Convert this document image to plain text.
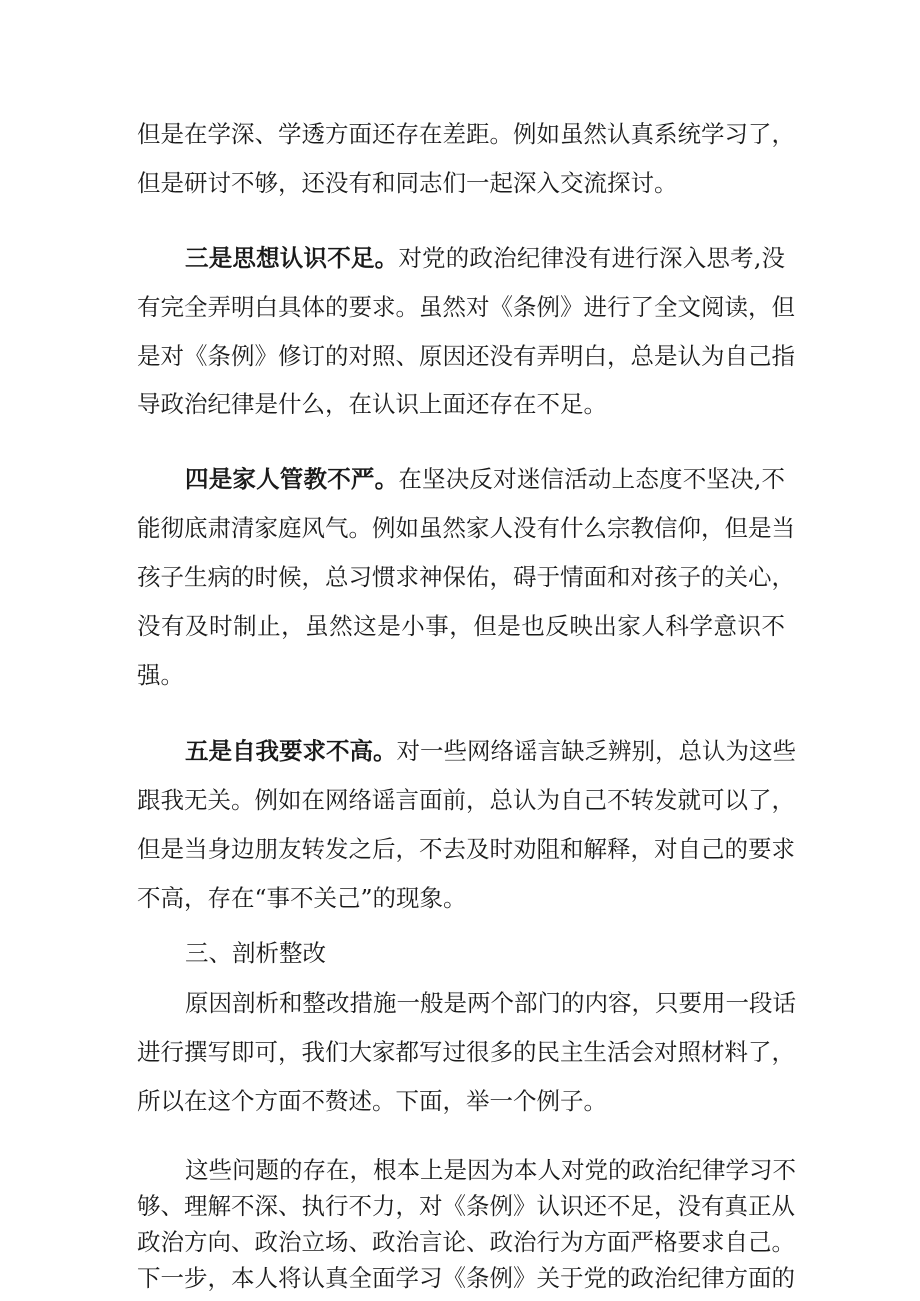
但是在学深、学透方面还存在差距。例如虽然认真系统学习了，
但是研讨不够，还没有和同志们一起深入交流探讨。
三是思想认识不足。对党的政治纪律没有进行深入思考,没
有完全弄明白具体的要求。虽然对《条例》进行了全文阅读，但
是对《条例》修订的对照、原因还没有弄明白，总是认为自己指
导政治纪律是什么，在认识上面还存在不足。
四是家人管教不严。在坚决反对迷信活动上态度不坚决,不
能彻底肃清家庭风气。例如虽然家人没有什么宗教信仰，但是当
孩子生病的时候，总习惯求神保佑，碍于情面和对孩子的关心，
没有及时制止，虽然这是小事，但是也反映出家人科学意识不
强。
五是自我要求不高。对一些网络谣言缺乏辨别，总认为这些
跟我无关。例如在网络谣言面前，总认为自己不转发就可以了，
但是当身边朋友转发之后，不去及时劝阻和解释，对自己的要求
不高，存在“事不关己”的现象。
三、剖析整改
原因剖析和整改措施一般是两个部门的内容，只要用一段话
进行撰写即可，我们大家都写过很多的民主生活会对照材料了，
所以在这个方面不赘述。下面，举一个例子。
这些问题的存在，根本上是因为本人对党的政治纪律学习不
够、理解不深、执行不力，对《条例》认识还不足，没有真正从
政治方向、政治立场、政治言论、政治行为方面严格要求自己。
下一步，本人将认真全面学习《条例》关于党的政治纪律方面的
